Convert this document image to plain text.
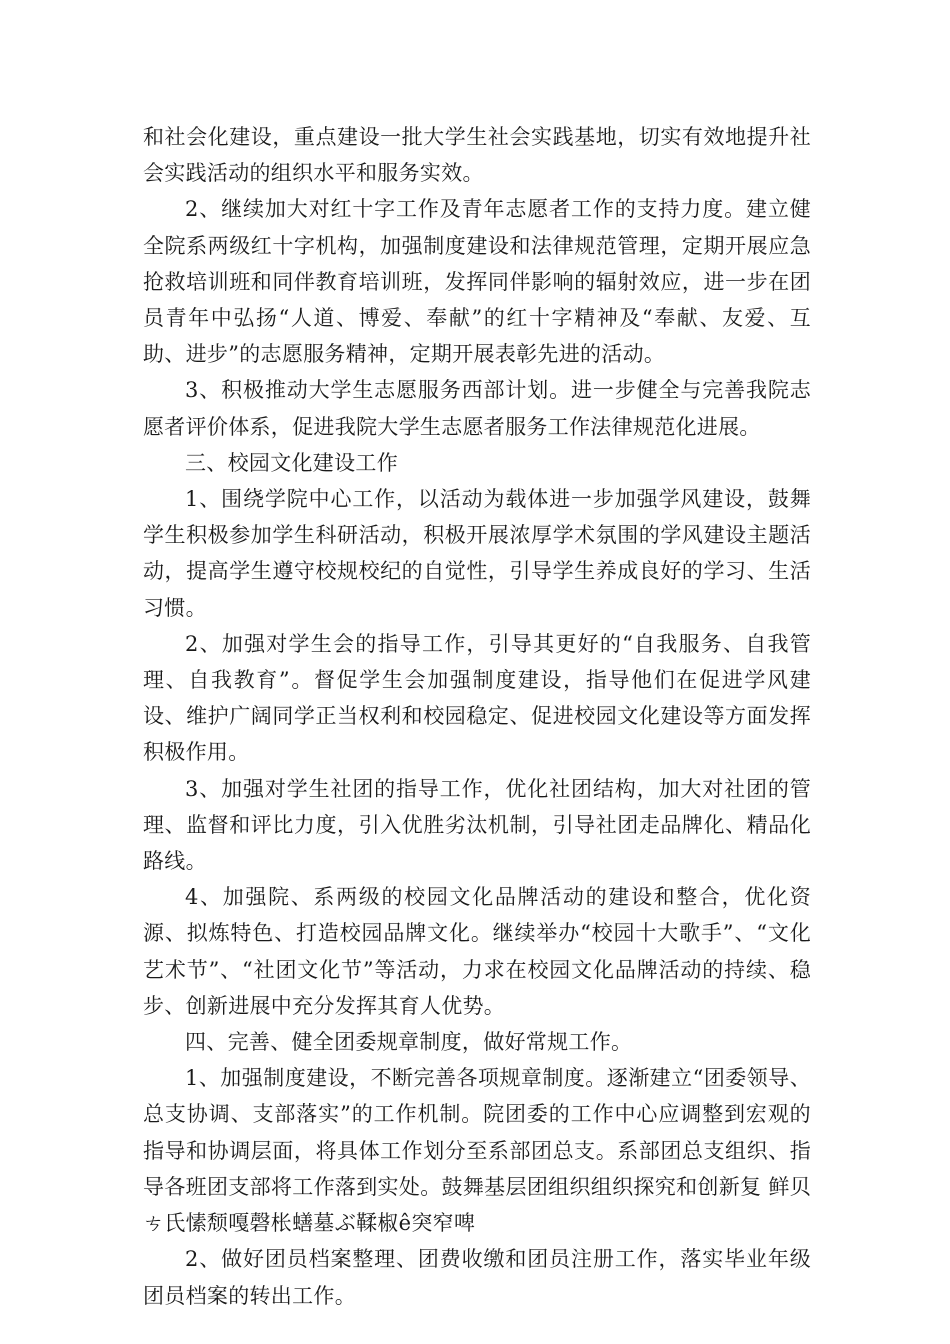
和社会化建设，重点建设一批大学生社会实践基地，切实有效地提升社会实践活动的组织水平和服务实效。

2、继续加大对红十字工作及青年志愿者工作的支持力度。建立健全院系两级红十字机构，加强制度建设和法律规范管理，定期开展应急抢救培训班和同伴教育培训班，发挥同伴影响的辐射效应，进一步在团员青年中弘扬“人道、博爱、奉献”的红十字精神及“奉献、友爱、互助、进步”的志愿服务精神，定期开展表彰先进的活动。

3、积极推动大学生志愿服务西部计划。进一步健全与完善我院志愿者评价体系，促进我院大学生志愿者服务工作法律规范化进展。

三、校园文化建设工作

1、围绕学院中心工作，以活动为载体进一步加强学风建设，鼓舞学生积极参加学生科研活动，积极开展浓厚学术氛围的学风建设主题活动，提高学生遵守校规校纪的自觉性，引导学生养成良好的学习、生活习惯。

2、加强对学生会的指导工作，引导其更好的“自我服务、自我管理、自我教育”。督促学生会加强制度建设，指导他们在促进学风建设、维护广阔同学正当权利和校园稳定、促进校园文化建设等方面发挥积极作用。

3、加强对学生社团的指导工作，优化社团结构，加大对社团的管理、监督和评比力度，引入优胜劣汰机制，引导社团走品牌化、精品化路线。

4、加强院、系两级的校园文化品牌活动的建设和整合，优化资源、拟炼特色、打造校园品牌文化。继续举办“校园十大歌手”、“文化艺术节”、“社团文化节”等活动，力求在校园文化品牌活动的持续、稳步、创新进展中充分发挥其育人优势。

四、完善、健全团委规章制度，做好常规工作。

1、加强制度建设，不断完善各项规章制度。逐渐建立“团委领导、总支协调、支部落实”的工作机制。院团委的工作中心应调整到宏观的指导和协调层面，将具体工作划分至系部团总支。系部团总支组织、指导各班团支部将工作落到实处。鼓舞基层团组织组织探究和创新复 鲜贝ㄘ氏愫颓嘎磬枨蟮墓ぶ鞣椒ê突窄啤

2、做好团员档案整理、团费收缴和团员注册工作，落实毕业年级团员档案的转出工作。
